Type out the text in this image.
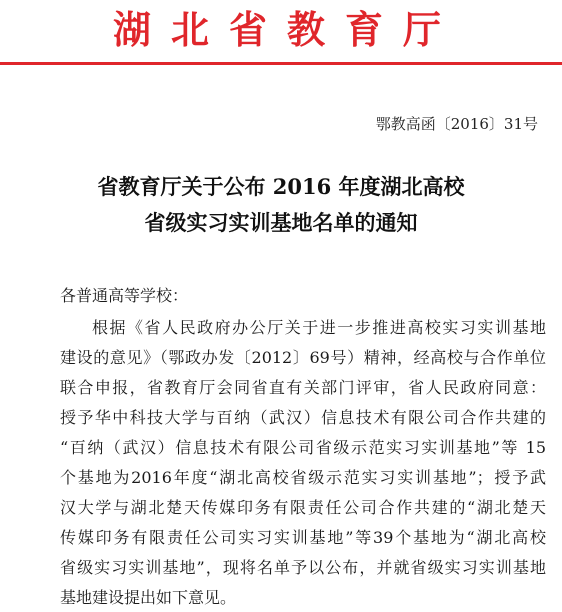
湖北省教育厅
鄂教高函〔2016〕31号
省教育厅关于公布 2016 年度湖北高校
省级实习实训基地名单的通知
各普通高等学校：
根据《省人民政府办公厅关于进一步推进高校实习实训基地
建设的意见》（鄂政办发〔2012〕69号）精神，经高校与合作单位
联合申报，省教育厅会同省直有关部门评审，省人民政府同意：
授予华中科技大学与百纳（武汉）信息技术有限公司合作共建的
“百纳（武汉）信息技术有限公司省级示范实习实训基地”等 15
个基地为2016年度“湖北高校省级示范实习实训基地”；授予武
汉大学与湖北楚天传媒印务有限责任公司合作共建的“湖北楚天
传媒印务有限责任公司实习实训基地”等39个基地为“湖北高校
省级实习实训基地”，现将名单予以公布，并就省级实习实训基地
基地建设提出如下意见。
